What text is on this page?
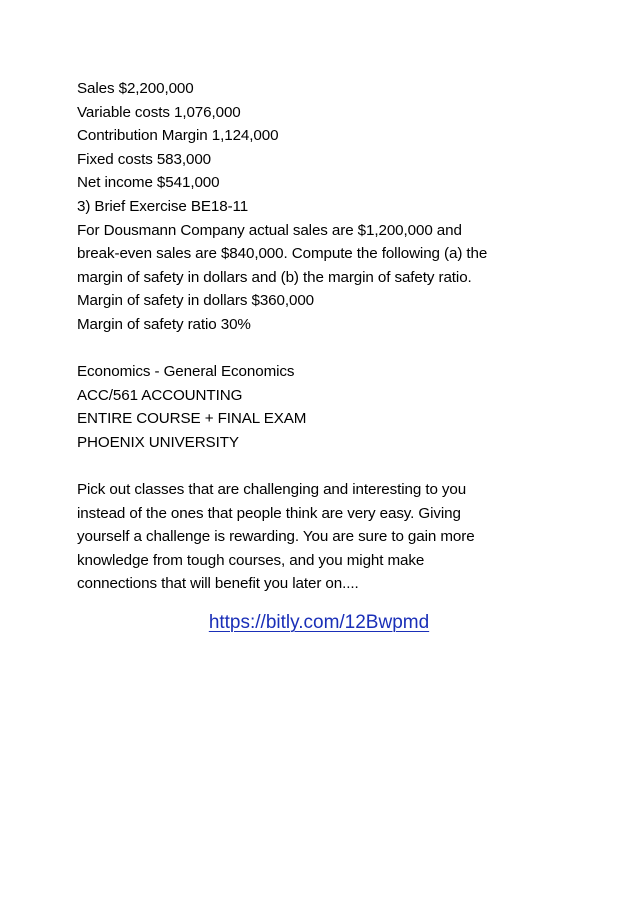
Sales $2,200,000
Variable costs 1,076,000
Contribution Margin 1,124,000
Fixed costs 583,000
Net income $541,000
3) Brief Exercise BE18-11
For Dousmann Company actual sales are $1,200,000 and
break-even sales are $840,000. Compute the following (a) the
margin of safety in dollars and (b) the margin of safety ratio.
Margin of safety in dollars $360,000
Margin of safety ratio 30%
Economics - General Economics
ACC/561 ACCOUNTING
ENTIRE COURSE + FINAL EXAM
PHOENIX UNIVERSITY
Pick out classes that are challenging and interesting to you
instead of the ones that people think are very easy. Giving
yourself a challenge is rewarding. You are sure to gain more
knowledge from tough courses, and you might make
connections that will benefit you later on....
https://bitly.com/12Bwpmd
